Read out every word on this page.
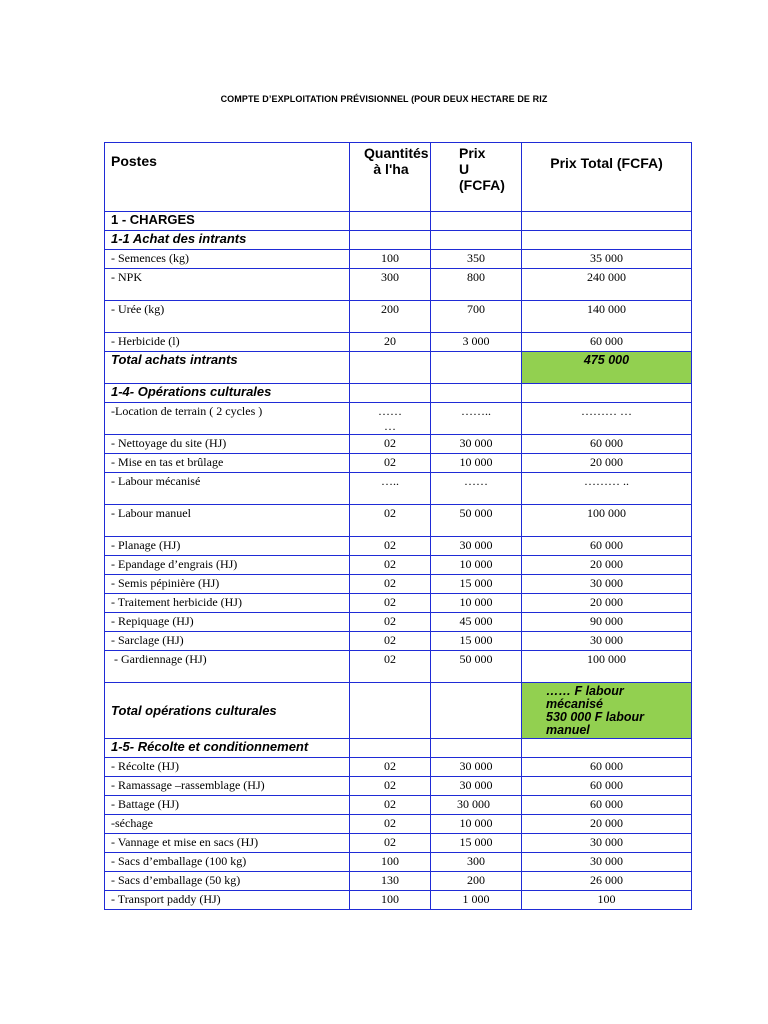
COMPTE D’EXPLOITATION PRÉVISIONNEL (POUR DEUX HECTARE DE RIZ
Postes	Quantités à l'ha	Prix U (FCFA)	Prix Total (FCFA)
1 - CHARGES			
1-1 Achat des intrants			
- Semences (kg)	100	350	35 000
- NPK	300	800	240 000
- Urée (kg)	200	700	140 000
- Herbicide (l)	20	3 000	60 000
Total achats intrants			475 000
1-4- Opérations culturales			
-Location de terrain ( 2 cycles )	…… …	……..	……… …
- Nettoyage du site (HJ)	02	30 000	60 000
- Mise en tas et brûlage	02	10 000	20 000
- Labour mécanisé	…..	……	……… ..
- Labour manuel	02	50 000	100 000
- Planage (HJ)	02	30 000	60 000
- Epandage d’engrais (HJ)	02	10 000	20 000
- Semis pépinière (HJ)	02	15 000	30 000
- Traitement herbicide (HJ)	02	10 000	20 000
- Repiquage (HJ)	02	45 000	90 000
- Sarclage (HJ)	02	15 000	30 000
- Gardiennage (HJ)	02	50 000	100 000
Total opérations culturales			…… F labour mécanisé
530 000 F labour manuel

1-5- Récolte et conditionnement			
- Récolte (HJ)	02	30 000	60 000
- Ramassage –rassemblage (HJ)	02	30 000	60 000
- Battage (HJ)	02	30 000	60 000
-séchage	02	10 000	20 000
- Vannage et mise en sacs (HJ)	02	15 000	30 000
- Sacs d’emballage (100 kg)	100	300	30 000
- Sacs d’emballage (50 kg)	130	200	26 000
- Transport paddy (HJ)	100	1 000	100
